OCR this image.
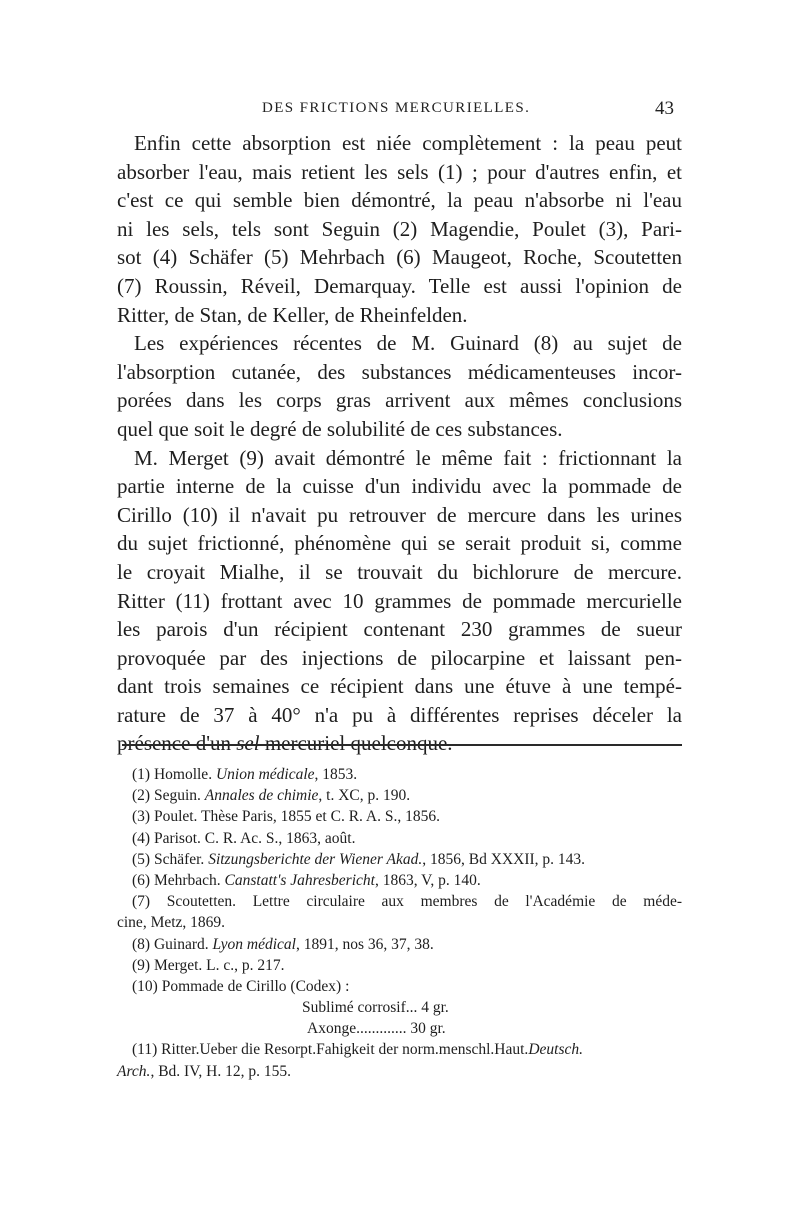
DES FRICTIONS MERCURIELLES.	43
Enfin cette absorption est niée complètement : la peau peut
absorber l'eau, mais retient les sels (1) ; pour d'autres enfin, et
c'est ce qui semble bien démontré, la peau n'absorbe ni l'eau
ni les sels, tels sont Seguin (2) Magendie, Poulet (3), Pari-
sot (4) Schäfer (5) Mehrbach (6) Maugeot, Roche, Scoutetten
(7) Roussin, Réveil, Demarquay. Telle est aussi l'opinion de
Ritter, de Stan, de Keller, de Rheinfelden.
Les expériences récentes de M. Guinard (8) au sujet de
l'absorption cutanée, des substances médicamenteuses incor-
porées dans les corps gras arrivent aux mêmes conclusions
quel que soit le degré de solubilité de ces substances.
M. Merget (9) avait démontré le même fait : frictionnant la
partie interne de la cuisse d'un individu avec la pommade de
Cirillo (10) il n'avait pu retrouver de mercure dans les urines
du sujet frictionné, phénomène qui se serait produit si, comme
le croyait Mialhe, il se trouvait du bichlorure de mercure.
Ritter (11) frottant avec 10 grammes de pommade mercurielle
les parois d'un récipient contenant 230 grammes de sueur
provoquée par des injections de pilocarpine et laissant pen-
dant trois semaines ce récipient dans une étuve à une tempé-
rature de 37 à 40° n'a pu à différentes reprises déceler la
présence d'un sel mercuriel quelconque.
(1) Homolle. Union médicale, 1853.
(2) Seguin. Annales de chimie, t. XC, p. 190.
(3) Poulet. Thèse Paris, 1855 et C. R. A. S., 1856.
(4) Parisot. C. R. Ac. S., 1863, août.
(5) Schäfer. Sitzungsberichte der Wiener Akad., 1856, Bd XXXII, p. 143.
(6) Mehrbach. Canstatt's Jahresbericht, 1863, V, p. 140.
(7) Scoutetten. Lettre circulaire aux membres de l'Académie de méde-
cine, Metz, 1869.
(8) Guinard. Lyon médical, 1891, nos 36, 37, 38.
(9) Merget. L. c., p. 217.
(10) Pommade de Cirillo (Codex) :
Sublimé corrosif... 4 gr.
Axonge............. 30 gr.
(11) Ritter.Ueber die Resorpt.Fahigkeit der norm.menschl.Haut.Deutsch.
Arch., Bd. IV, H. 12, p. 155.
